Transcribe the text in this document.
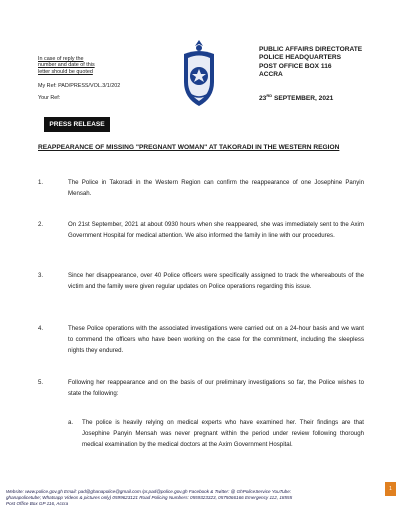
In case of reply the
number and date of this
letter should be quoted
My Ref: PAD/PRESS/VOL.3/1/202
Your Ref:
PUBLIC AFFAIRS DIRECTORATE
POLICE HEADQUARTERS
POST OFFICE BOX 116
ACCRA
23RD SEPTEMBER, 2021
PRESS RELEASE
REAPPEARANCE OF MISSING "PREGNANT WOMAN" AT TAKORADI IN THE WESTERN REGION
1.	The Police in Takoradi in the Western Region can confirm the reappearance of one Josephine Panyin Mensah.
2.	On 21st September, 2021 at about 0930 hours when she reappeared, she was immediately sent to the Axim Government Hospital for medical attention. We also informed the family in line with our procedures.
3.	Since her disappearance, over 40 Police officers were specifically assigned to track the whereabouts of the victim and the family were given regular updates on Police operations regarding this issue.
4.	These Police operations with the associated investigations were carried out on a 24-hour basis and we want to commend the officers who have been working on the case for the commitment, including the sleepless nights they endured.
5.	Following her reappearance and on the basis of our preliminary investigations so far, the Police wishes to state the following:
a.	The police is heavily relying on medical experts who have examined her. Their findings are that Josephine Panyin Mensah was never pregnant within the period under review following thorough medical examination by the medical doctors at the Axim Government Hospital.
Website: www.police.gov.gh Email: pad@ghanapolice@gmail.com /pr.pad@police.gov.gh Facebook & Twitter: @ GhPoliceService YouTube:
ghanapolicetube; Whatsapp Videos & pictures only) 0599623121 Road Policing Numbers: 0559323323, 0575066166 Emergency 112, 18555
Post Office Box GP 116, Accra
1
